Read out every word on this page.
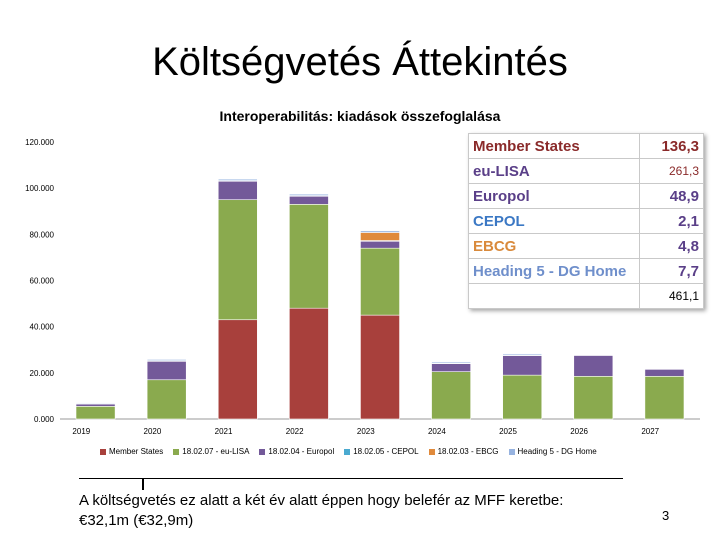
Költségvetés Áttekintés
Interoperabilitás: kiadások összefoglalása
0.000
20.000
40.000
60.000
80.000
100.000
120.000
2019	2020	2021	2022	2023	2024	2025	2026	2027
Member States 18.02.07 - eu-LISA 18.02.04 - Europol 18.02.05 - CEPOL 18.02.03 - EBCG Heading 5 - DG Home
Member States	136,3
eu-LISA	261,3
Europol	48,9
CEPOL	2,1
EBCG	4,8
Heading 5 - DG Home	7,7
	461,1
A költségvetés ez alatt a két év alatt éppen hogy belefér az MFF keretbe:
€32,1m (€32,9m)	3
